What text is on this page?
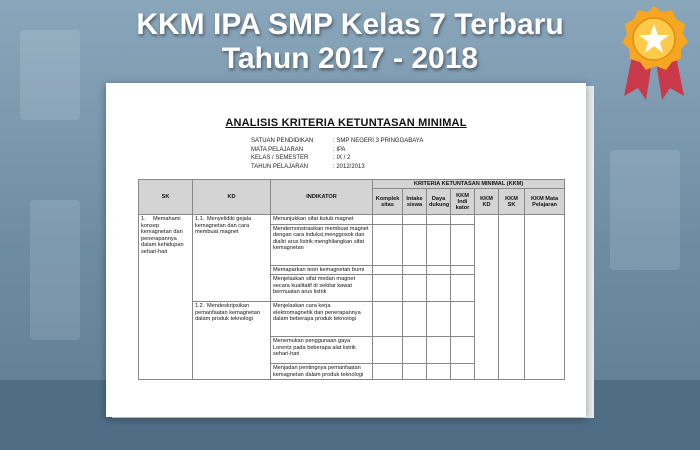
KKM IPA SMP Kelas 7 Terbaru
Tahun 2017 - 2018
ANALISIS KRITERIA KETUNTASAN MINIMAL
SATUAN PENDIDIKAN	: SMP NEGERI 3 PRINGGABAYA
MATA PELAJARAN	: IPA
KELAS / SEMESTER	: IX / 2
TAHUN PELAJARAN	: 2012/2013
SK	KD	INDIKATOR	KRITERIA KETUNTASAN MINIMAL (KKM)						
			Komplek sitas	Intake siswa	Daya dukung	KKM Indi kator	KKM KD	KKM SK	KKM Mata Pelajaran
1. Memahami konsep kemagnetan dan penerapannya dalam kehidupan sehari-hari	1.1. Menyelidiki gejala kemagnetan dan cara membuat magnet	Menunjukkan sifat kutub magnet							
		Mendemonstrasikan membuat magnet dengan cara induksi,menggosok dan dialiri arus listrik menghilangkan sifat kemagnetan							
		Memaparkan teori kemagnetan bumi							
		Menjelaskan sifat medan magnet secara kualitatif di sekitar kawat bermuatan arus listrik							
	1.2. Mendeskripsikan pemanfaatan kemagnetan dalam produk teknologi	Menjelaskan cara kerja elektromagnetik dan penerapannya dalam beberapa produk teknologi							
		Menemukan penggunaan gaya Lorentz pada beberapa alat listrik sehari-hari							
		Menjadari pentingnya pemanfaatan kemagnetan dalam produk teknologi							
